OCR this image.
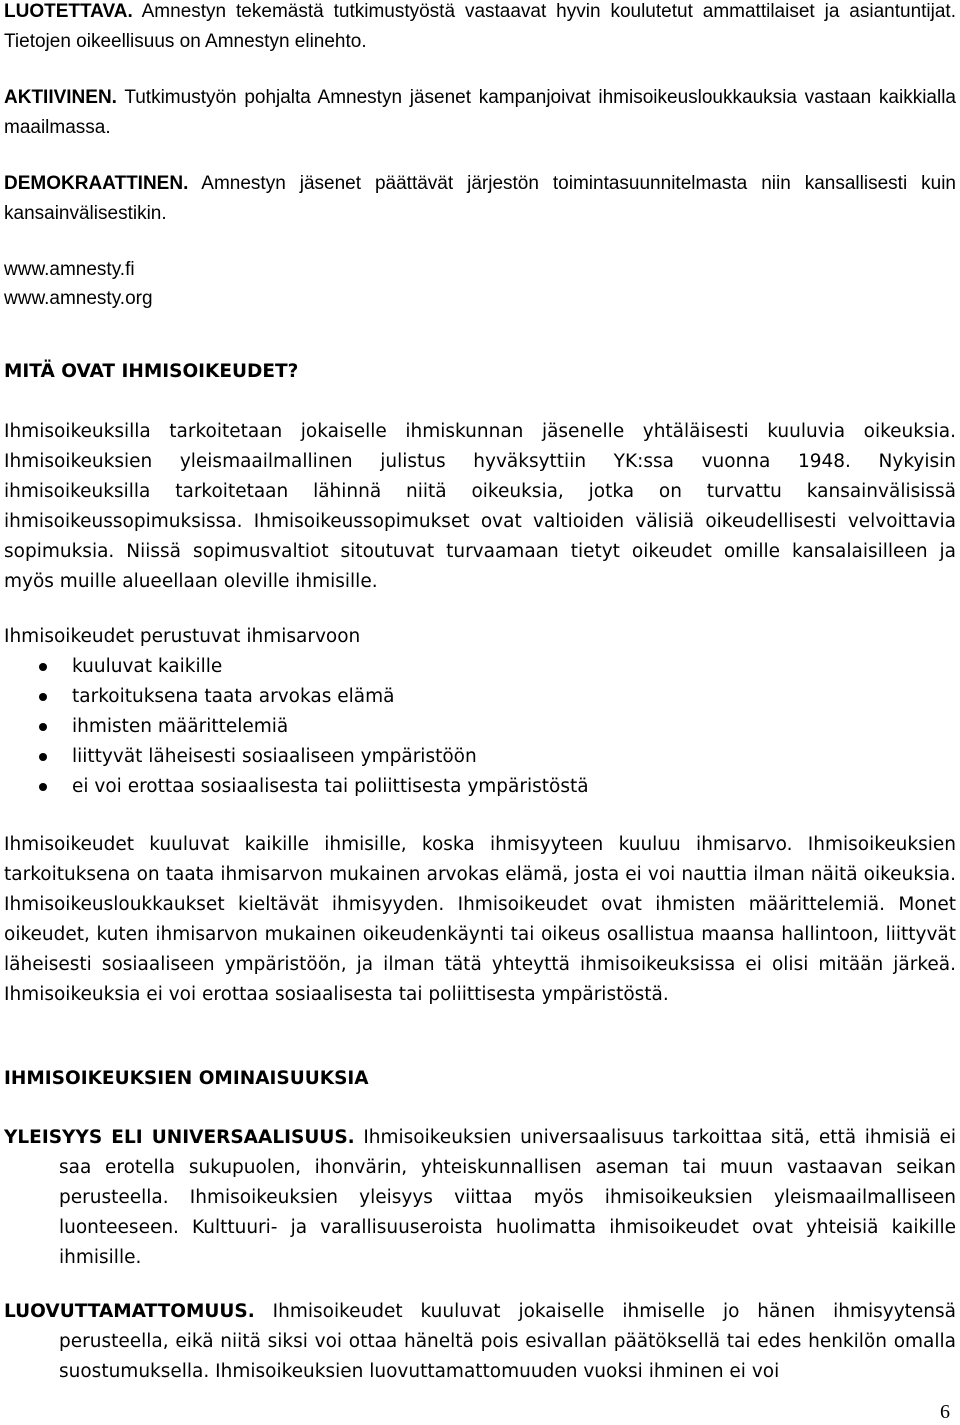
LUOTETTAVA. Amnestyn tekemästä tutkimustyöstä vastaavat hyvin koulutetut ammattilaiset ja asiantuntijat. Tietojen oikeellisuus on Amnestyn elinehto.

AKTIIVINEN. Tutkimustyön pohjalta Amnestyn jäsenet kampanjoivat ihmisoikeusloukkauksia vastaan kaikkialla maailmassa.

DEMOKRAATTINEN. Amnestyn jäsenet päättävät järjestön toimintasuunnitelmasta niin kansallisesti kuin kansainvälisestikin.

www.amnesty.fi

www.amnesty.org

MITÄ OVAT IHMISOIKEUDET?

Ihmisoikeuksilla tarkoitetaan jokaiselle ihmiskunnan jäsenelle yhtäläisesti kuuluvia oikeuksia. Ihmisoikeuksien yleismaailmallinen julistus hyväksyttiin YK:ssa vuonna 1948. Nykyisin ihmisoikeuksilla tarkoitetaan lähinnä niitä oikeuksia, jotka on turvattu kansainvälisissä ihmisoikeussopimuksissa. Ihmisoikeussopimukset ovat valtioiden välisiä oikeudellisesti velvoittavia sopimuksia. Niissä sopimusvaltiot sitoutuvat turvaamaan tietyt oikeudet omille kansalaisilleen ja myös muille alueellaan oleville ihmisille.

Ihmisoikeudet perustuvat ihmisarvoon

kuuluvat kaikille
tarkoituksena taata arvokas elämä
ihmisten määrittelemiä
liittyvät läheisesti sosiaaliseen ympäristöön
ei voi erottaa sosiaalisesta tai poliittisesta ympäristöstä

Ihmisoikeudet kuuluvat kaikille ihmisille, koska ihmisyyteen kuuluu ihmisarvo. Ihmisoikeuksien tarkoituksena on taata ihmisarvon mukainen arvokas elämä, josta ei voi nauttia ilman näitä oikeuksia. Ihmisoikeusloukkaukset kieltävät ihmisyyden. Ihmisoikeudet ovat ihmisten määrittelemiä. Monet oikeudet, kuten ihmisarvon mukainen oikeudenkäynti tai oikeus osallistua maansa hallintoon, liittyvät läheisesti sosiaaliseen ympäristöön, ja ilman tätä yhteyttä ihmisoikeuksissa ei olisi mitään järkeä. Ihmisoikeuksia ei voi erottaa sosiaalisesta tai poliittisesta ympäristöstä.

IHMISOIKEUKSIEN OMINAISUUKSIA

YLEISYYS ELI UNIVERSAALISUUS. Ihmisoikeuksien universaalisuus tarkoittaa sitä, että ihmisiä ei saa erotella sukupuolen, ihonvärin, yhteiskunnallisen aseman tai muun vastaavan seikan perusteella. Ihmisoikeuksien yleisyys viittaa myös ihmisoikeuksien yleismaailmalliseen luonteeseen. Kulttuuri- ja varallisuuseroista huolimatta ihmisoikeudet ovat yhteisiä kaikille ihmisille.

LUOVUTTAMATTOMUUS. Ihmisoikeudet kuuluvat jokaiselle ihmiselle jo hänen ihmisyytensä perusteella, eikä niitä siksi voi ottaa häneltä pois esivallan päätöksellä tai edes henkilön omalla suostumuksella. Ihmisoikeuksien luovuttamattomuuden vuoksi ihminen ei voi

6
